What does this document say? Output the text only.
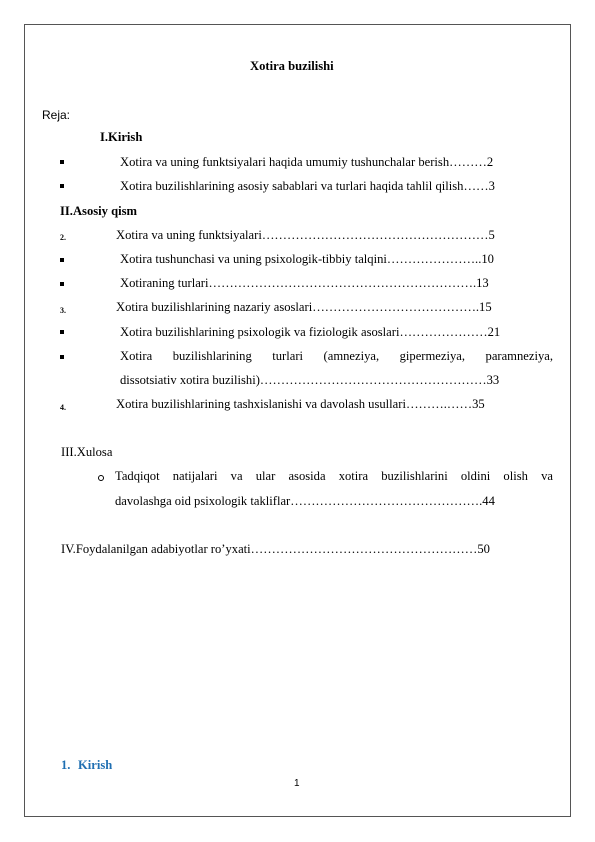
Xotira buzilishi
Reja:
I.Kirish
Xotira va uning funktsiyalari haqida umumiy tushunchalar berish………2
Xotira buzilishlarining asosiy sabablari va turlari haqida tahlil qilish……3
II.Asosiy qism
2.	Xotira va uning funktsiyalari………………………………………………5
Xotira tushunchasi va uning psixologik-tibbiy talqini…………………..10
Xotiraning turlari……………………………………………………….13
3.	Xotira buzilishlarining nazariy asoslari………………………………….15
Xotira buzilishlarining psixologik va fiziologik asoslari…………………21
Xotira buzilishlarining turlari (amneziya, gipermeziya, paramneziya,
dissotsiativ xotira buzilishi)………………………………………………33
4.	Xotira buzilishlarining tashxislanishi va davolash usullari……….……35
III.Xulosa
Tadqiqot natijalari va ular asosida xotira buzilishlarini oldini olish va
davolashga oid psixologik takliflar……………………………………….44
IV.Foydalanilgan adabiyotlar ro’yxati………………………………………………50
1. Kirish
1
